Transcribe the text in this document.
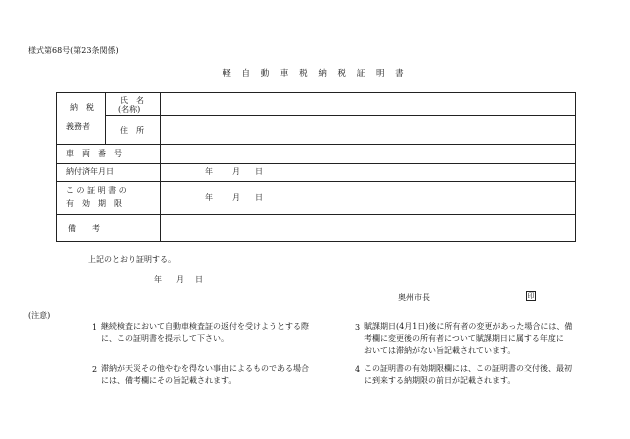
様式第68号(第23条関係)
軽 自 動 車 税 納 税 証 明 書
納　税
義務者
氏　名
(名称)
住　所
車　両　番　号
納付済年月日	年 月 日
こ の 証 明 書 の
有　効　期　限
年 月 日
備　　考
上記のとおり証明する。
年 月 日
奥州市長	印
(注意)
1 継続検査において自動車検査証の返付を受けようとする際
に、この証明書を提示して下さい。
2 滞納が天災その他やむを得ない事由によるものである場合
には、備考欄にその旨記載されます。
3 賦課期日(4月1日)後に所有者の変更があった場合には、備
考欄に変更後の所有者について賦課期日に属する年度に
おいては滞納がない旨記載されています。
4 この証明書の有効期限欄には、この証明書の交付後、最初
に到来する納期限の前日が記載されます。
